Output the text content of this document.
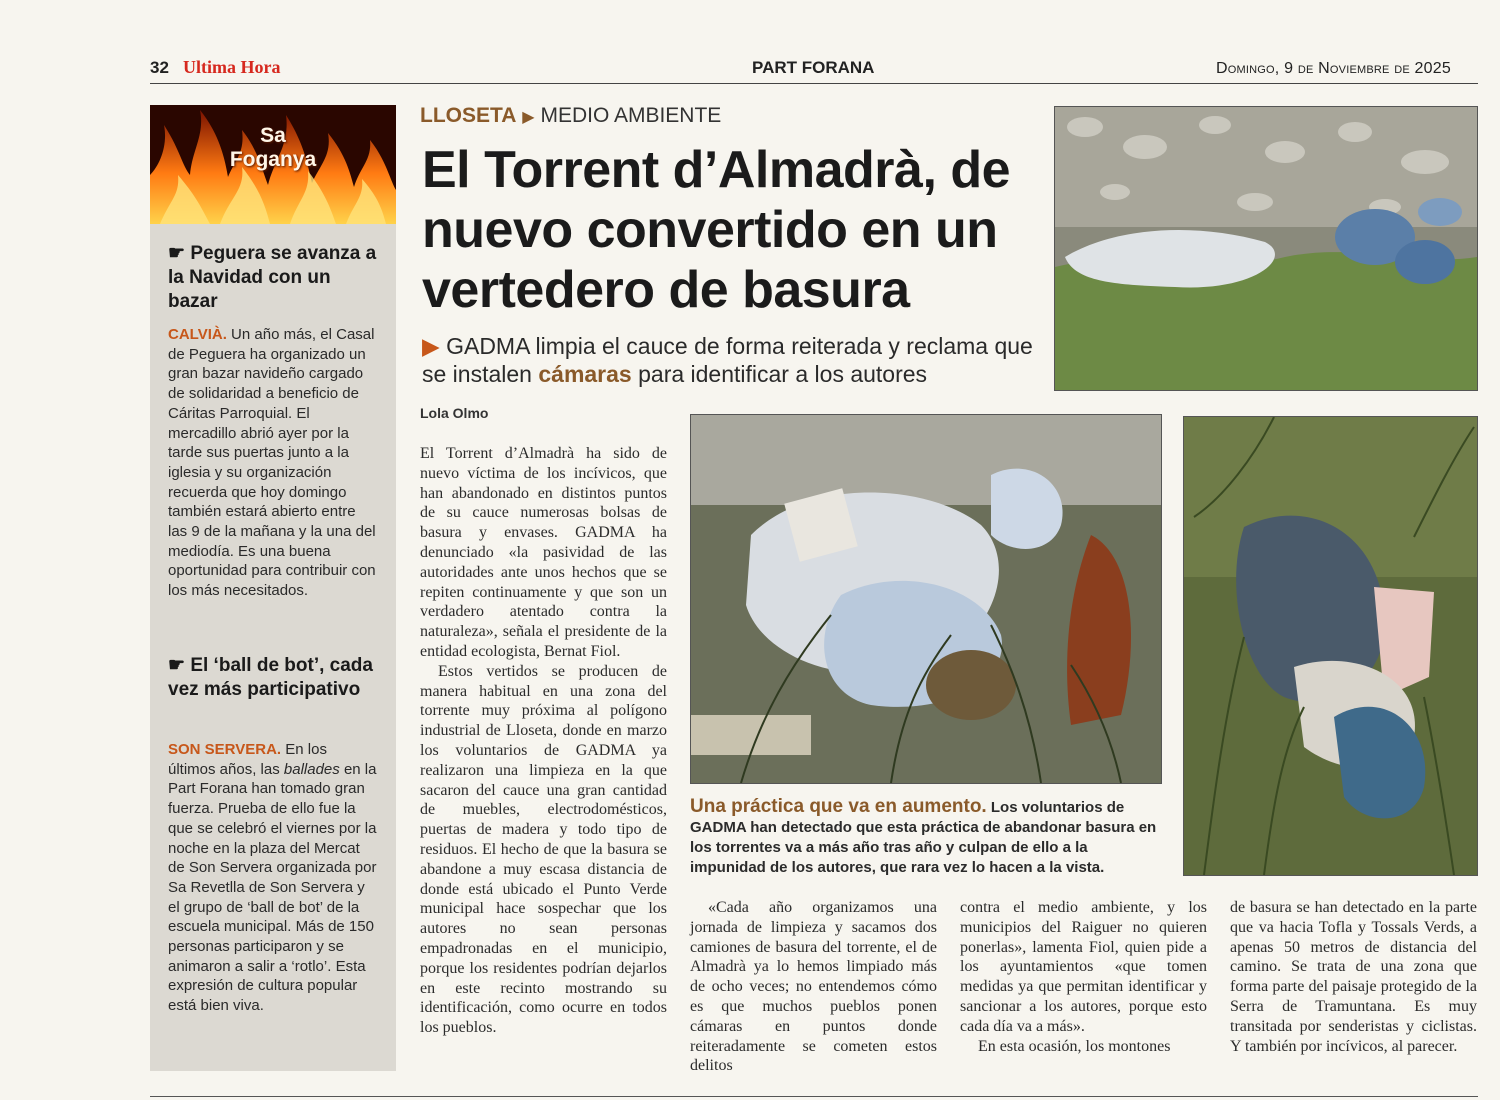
32 Ultima Hora	PART FORANA	Domingo, 9 de Noviembre de 2025
Sa
Foganya
☛ Peguera se avanza a la Navidad con un bazar
CALVIÀ. Un año más, el Casal de Peguera ha organizado un gran bazar navideño cargado de solidaridad a beneficio de Cáritas Parroquial. El mercadillo abrió ayer por la tarde sus puertas junto a la iglesia y su organización recuerda que hoy domingo también estará abierto entre las 9 de la mañana y la una del mediodía. Es una buena oportunidad para contribuir con los más necesitados.
☛ El ‘ball de bot’, cada vez más participativo
SON SERVERA. En los últimos años, las ballades en la Part Forana han tomado gran fuerza. Prueba de ello fue la que se celebró el viernes por la noche en la plaza del Mercat de Son Servera organizada por Sa Revetlla de Son Servera y el grupo de ‘ball de bot’ de la escuela municipal. Más de 150 personas participaron y se animaron a salir a ‘rotlo’. Esta expresión de cultura popular está bien viva.
LLOSETA ▶ MEDIO AMBIENTE
El Torrent d’Almadrà, de nuevo convertido en un vertedero de basura
▶ GADMA limpia el cauce de forma reiterada y reclama que se instalen cámaras para identificar a los autores
Lola Olmo

El Torrent d’Almadrà ha sido de nuevo víctima de los incívicos, que han abandonado en distintos puntos de su cauce numerosas bolsas de basura y envases. GADMA ha denunciado «la pasividad de las autoridades ante unos hechos que se repiten continuamente y que son un verdadero atentado contra la naturaleza», señala el presidente de la entidad ecologista, Bernat Fiol.

Estos vertidos se producen de manera habitual en una zona del torrente muy próxima al polígono industrial de Lloseta, donde en marzo los voluntarios de GADMA ya realizaron una limpieza en la que sacaron del cauce una gran cantidad de muebles, electrodomésticos, puertas de madera y todo tipo de residuos. El hecho de que la basura se abandone a muy escasa distancia de donde está ubicado el Punto Verde municipal hace sospechar que los autores no sean personas empadronadas en el municipio, porque los residentes podrían dejarlos en este recinto mostrando su identificación, como ocurre en todos los pueblos.

Una práctica que va en aumento. Los voluntarios de GADMA han detectado que esta práctica de abandonar basura en los torrentes va a más año tras año y culpan de ello a la impunidad de los autores, que rara vez lo hacen a la vista.

«Cada año organizamos una jornada de limpieza y sacamos dos camiones de basura del torrente, el de Almadrà ya lo hemos limpiado más de ocho veces; no entendemos cómo es que muchos pueblos ponen cámaras en puntos donde reiteradamente se cometen estos delitos

contra el medio ambiente, y los municipios del Raiguer no quieren ponerlas», lamenta Fiol, quien pide a los ayuntamientos «que tomen medidas ya que permitan identificar y sancionar a los autores, porque esto cada día va a más».

En esta ocasión, los montones

de basura se han detectado en la parte que va hacia Tofla y Tossals Verds, a apenas 50 metros de distancia del camino. Se trata de una zona que forma parte del paisaje protegido de la Serra de Tramuntana. Es muy transitada por senderistas y ciclistas. Y también por incívicos, al parecer.
